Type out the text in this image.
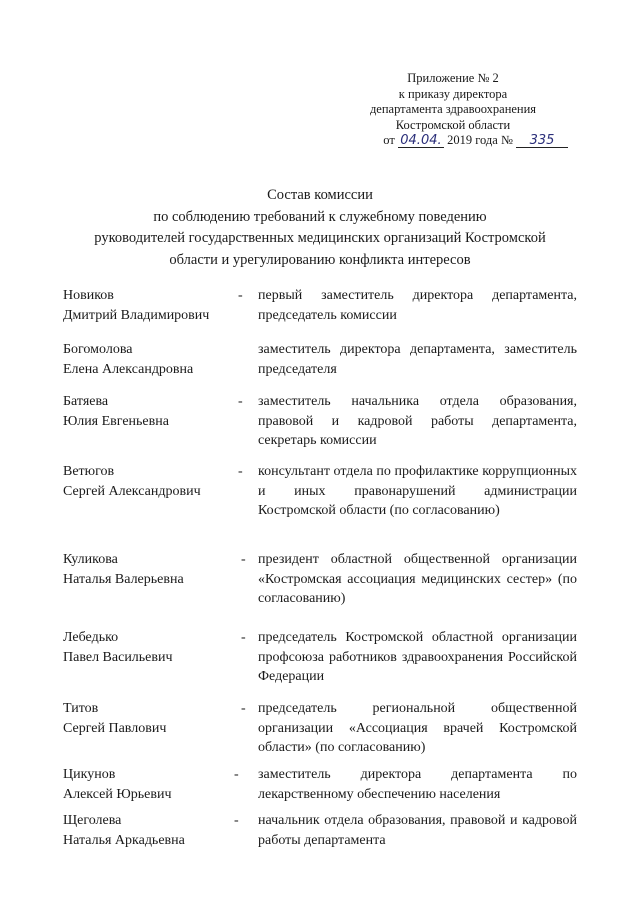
Приложение № 2
к приказу директора
департамента здравоохранения
Костромской области
от 04.04. 2019 года № 335
Состав комиссии
по соблюдению требований к служебному поведению
руководителей государственных медицинских организаций Костромской
области и урегулированию конфликта интересов
Новиков
Дмитрий Владимирович
- первый заместитель директора департамента, председатель комиссии
Богомолова
Елена Александровна
заместитель директора департамента, заместитель председателя
Батяева
Юлия Евгеньевна
- заместитель начальника отдела образования, правовой и кадровой работы департамента, секретарь комиссии
Ветюгов
Сергей Александрович
- консультант отдела по профилактике коррупционных и иных правонарушений администрации Костромской области (по согласованию)
Куликова
Наталья Валерьевна
- президент областной общественной организации «Костромская ассоциация медицинских сестер» (по согласованию)
Лебедько
Павел Васильевич
- председатель Костромской областной организации профсоюза работников здравоохранения Российской Федерации
Титов
Сергей Павлович
- председатель региональной общественной организации «Ассоциация врачей Костромской области» (по согласованию)
Цикунов
Алексей Юрьевич
- заместитель директора департамента по лекарственному обеспечению населения
Щеголева
Наталья Аркадьевна
- начальник отдела образования, правовой и кадровой работы департамента
